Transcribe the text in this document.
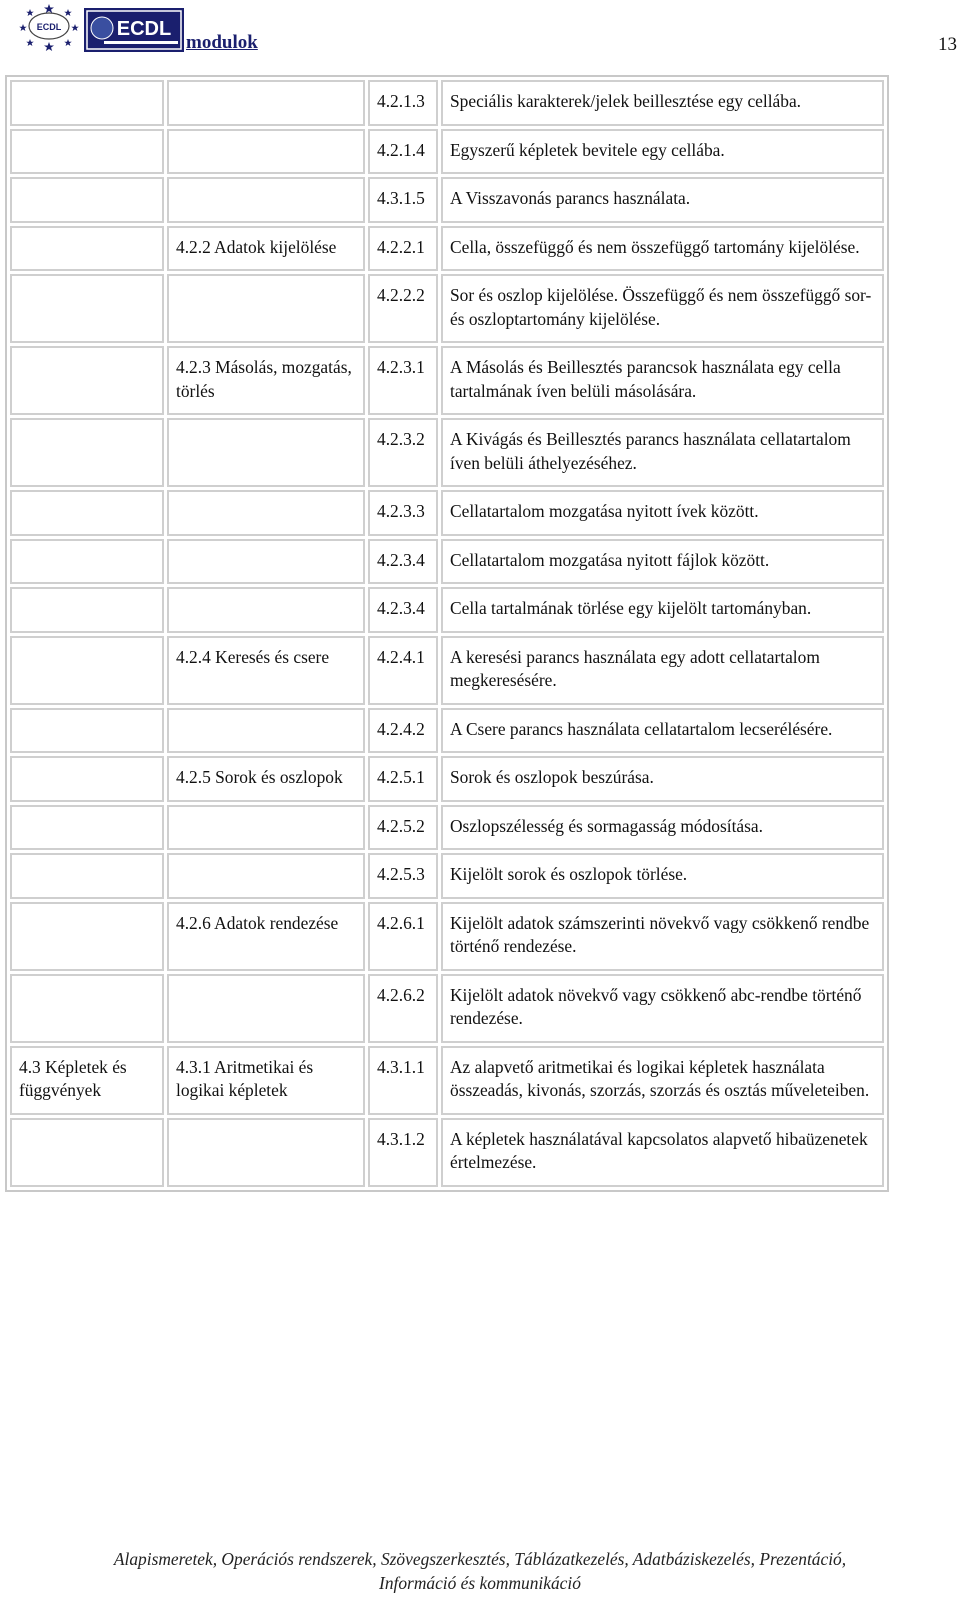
ECDL	ECDL
modulok	13
		4.2.1.3	Speciális karakterek/jelek beillesztése egy cellába.
		4.2.1.4	Egyszerű képletek bevitele egy cellába.
		4.3.1.5	A Visszavonás parancs használata.
	4.2.2 Adatok kijelölése	4.2.2.1	Cella, összefüggő és nem összefüggő tartomány kijelölése.
		4.2.2.2	Sor és oszlop kijelölése. Összefüggő és nem összefüggő sor- és oszloptartomány kijelölése.
	4.2.3 Másolás, mozgatás, törlés	4.2.3.1	A Másolás és Beillesztés parancsok használata egy cella tartalmának íven belüli másolására.
		4.2.3.2	A Kivágás és Beillesztés parancs használata cellatartalom íven belüli áthelyezéséhez.
		4.2.3.3	Cellatartalom mozgatása nyitott ívek között.
		4.2.3.4	Cellatartalom mozgatása nyitott fájlok között.
		4.2.3.4	Cella tartalmának törlése egy kijelölt tartományban.
	4.2.4 Keresés és csere	4.2.4.1	A keresési parancs használata egy adott cellatartalom megkeresésére.
		4.2.4.2	A Csere parancs használata cellatartalom lecserélésére.
	4.2.5 Sorok és oszlopok	4.2.5.1	Sorok és oszlopok beszúrása.
		4.2.5.2	Oszlopszélesség és sormagasság módosítása.
		4.2.5.3	Kijelölt sorok és oszlopok törlése.
	4.2.6 Adatok rendezése	4.2.6.1	Kijelölt adatok számszerinti növekvő vagy csökkenő rendbe történő rendezése.
		4.2.6.2	Kijelölt adatok növekvő vagy csökkenő abc-rendbe történő rendezése.
4.3 Képletek és függvények	4.3.1 Aritmetikai és logikai képletek	4.3.1.1	Az alapvető aritmetikai és logikai képletek használata összeadás, kivonás, szorzás, szorzás és osztás műveleteiben.
		4.3.1.2	A képletek használatával kapcsolatos alapvető hibaüzenetek értelmezése.
Alapismeretek, Operációs rendszerek, Szövegszerkesztés, Táblázatkezelés, Adatbáziskezelés, Prezentáció,
Információ és kommunikáció
